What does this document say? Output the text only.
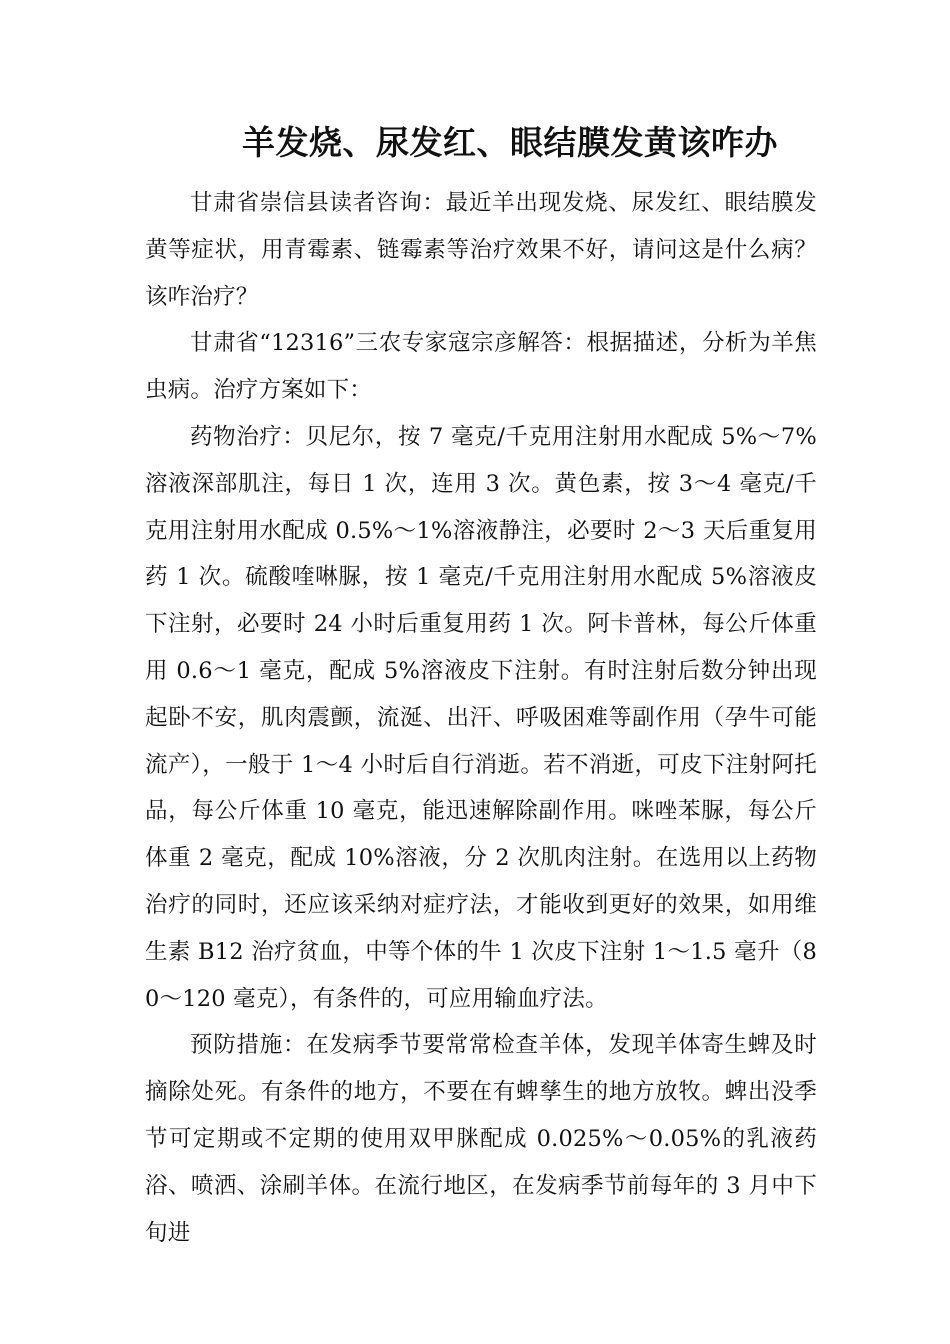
羊发烧、尿发红、眼结膜发黄该咋办

甘肃省崇信县读者咨询：最近羊出现发烧、尿发红、眼结膜发黄等症状，用青霉素、链霉素等治疗效果不好，请问这是什么病？该咋治疗？

甘肃省“12316”三农专家寇宗彦解答：根据描述，分析为羊焦虫病。治疗方案如下：

药物治疗：贝尼尔，按 7 毫克/千克用注射用水配成 5%～7%溶液深部肌注，每日 1 次，连用 3 次。黄色素，按 3～4 毫克/千克用注射用水配成 0.5%～1%溶液静注，必要时 2～3 天后重复用药 1 次。硫酸喹啉脲，按 1 毫克/千克用注射用水配成 5%溶液皮下注射，必要时 24 小时后重复用药 1 次。阿卡普林，每公斤体重用 0.6～1 毫克，配成 5%溶液皮下注射。有时注射后数分钟出现起卧不安，肌肉震颤，流涎、出汗、呼吸困难等副作用（孕牛可能流产），一般于 1～4 小时后自行消逝。若不消逝，可皮下注射阿托品，每公斤体重 10 毫克，能迅速解除副作用。咪唑苯脲，每公斤体重 2 毫克，配成 10%溶液，分 2 次肌肉注射。在选用以上药物治疗的同时，还应该采纳对症疗法，才能收到更好的效果，如用维生素 B12 治疗贫血，中等个体的牛 1 次皮下注射 1～1.5 毫升（80～120 毫克），有条件的，可应用输血疗法。

预防措施：在发病季节要常常检查羊体，发现羊体寄生蜱及时摘除处死。有条件的地方，不要在有蜱孳生的地方放牧。蜱出没季节可定期或不定期的使用双甲脒配成 0.025%～0.05%的乳液药浴、喷洒、涂刷羊体。在流行地区，在发病季节前每年的 3 月中下旬进
